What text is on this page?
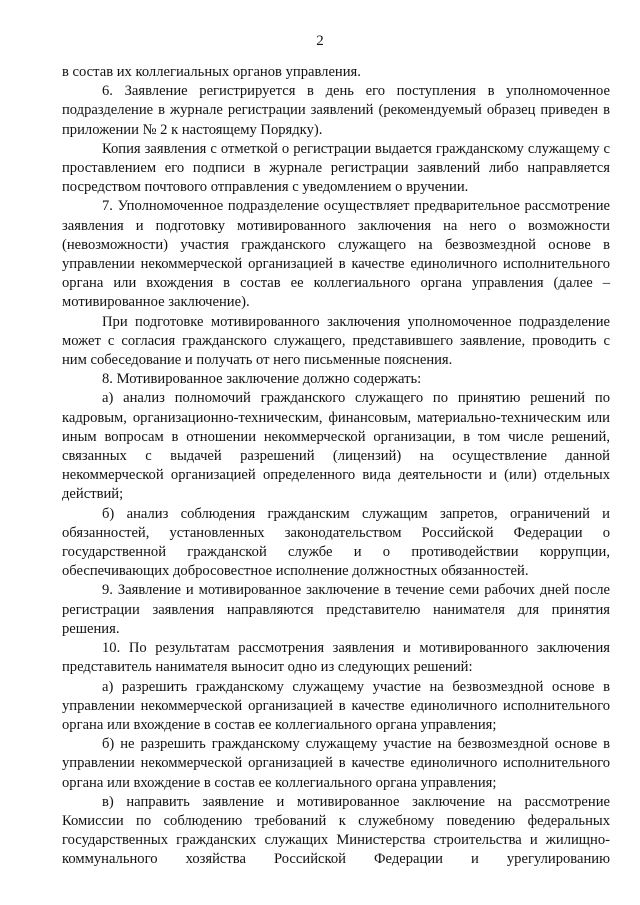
2

в состав их коллегиальных органов управления.

6. Заявление регистрируется в день его поступления в уполномоченное подразделение в журнале регистрации заявлений (рекомендуемый образец приведен в приложении № 2 к настоящему Порядку).

Копия заявления с отметкой о регистрации выдается гражданскому служащему с проставлением его подписи в журнале регистрации заявлений либо направляется посредством почтового отправления с уведомлением о вручении.

7. Уполномоченное подразделение осуществляет предварительное рассмотрение заявления и подготовку мотивированного заключения на него о возможности (невозможности) участия гражданского служащего на безвозмездной основе в управлении некоммерческой организацией в качестве единоличного исполнительного органа или вхождения в состав ее коллегиального органа управления (далее – мотивированное заключение).

При подготовке мотивированного заключения уполномоченное подразделение может с согласия гражданского служащего, представившего заявление, проводить с ним собеседование и получать от него письменные пояснения.

8. Мотивированное заключение должно содержать:

а) анализ полномочий гражданского служащего по принятию решений по кадровым, организационно-техническим, финансовым, материально-техническим или иным вопросам в отношении некоммерческой организации, в том числе решений, связанных с выдачей разрешений (лицензий) на осуществление данной некоммерческой организацией определенного вида деятельности и (или) отдельных действий;

б) анализ соблюдения гражданским служащим запретов, ограничений и обязанностей, установленных законодательством Российской Федерации о государственной гражданской службе и о противодействии коррупции, обеспечивающих добросовестное исполнение должностных обязанностей.

9. Заявление и мотивированное заключение в течение семи рабочих дней после регистрации заявления направляются представителю нанимателя для принятия решения.

10. По результатам рассмотрения заявления и мотивированного заключения представитель нанимателя выносит одно из следующих решений:

а) разрешить гражданскому служащему участие на безвозмездной основе в управлении некоммерческой организацией в качестве единоличного исполнительного органа или вхождение в состав ее коллегиального органа управления;

б) не разрешить гражданскому служащему участие на безвозмездной основе в управлении некоммерческой организацией в качестве единоличного исполнительного органа или вхождение в состав ее коллегиального органа управления;

в) направить заявление и мотивированное заключение на рассмотрение Комиссии по соблюдению требований к служебному поведению федеральных государственных гражданских служащих Министерства строительства и жилищно-коммунального хозяйства Российской Федерации и урегулированию
